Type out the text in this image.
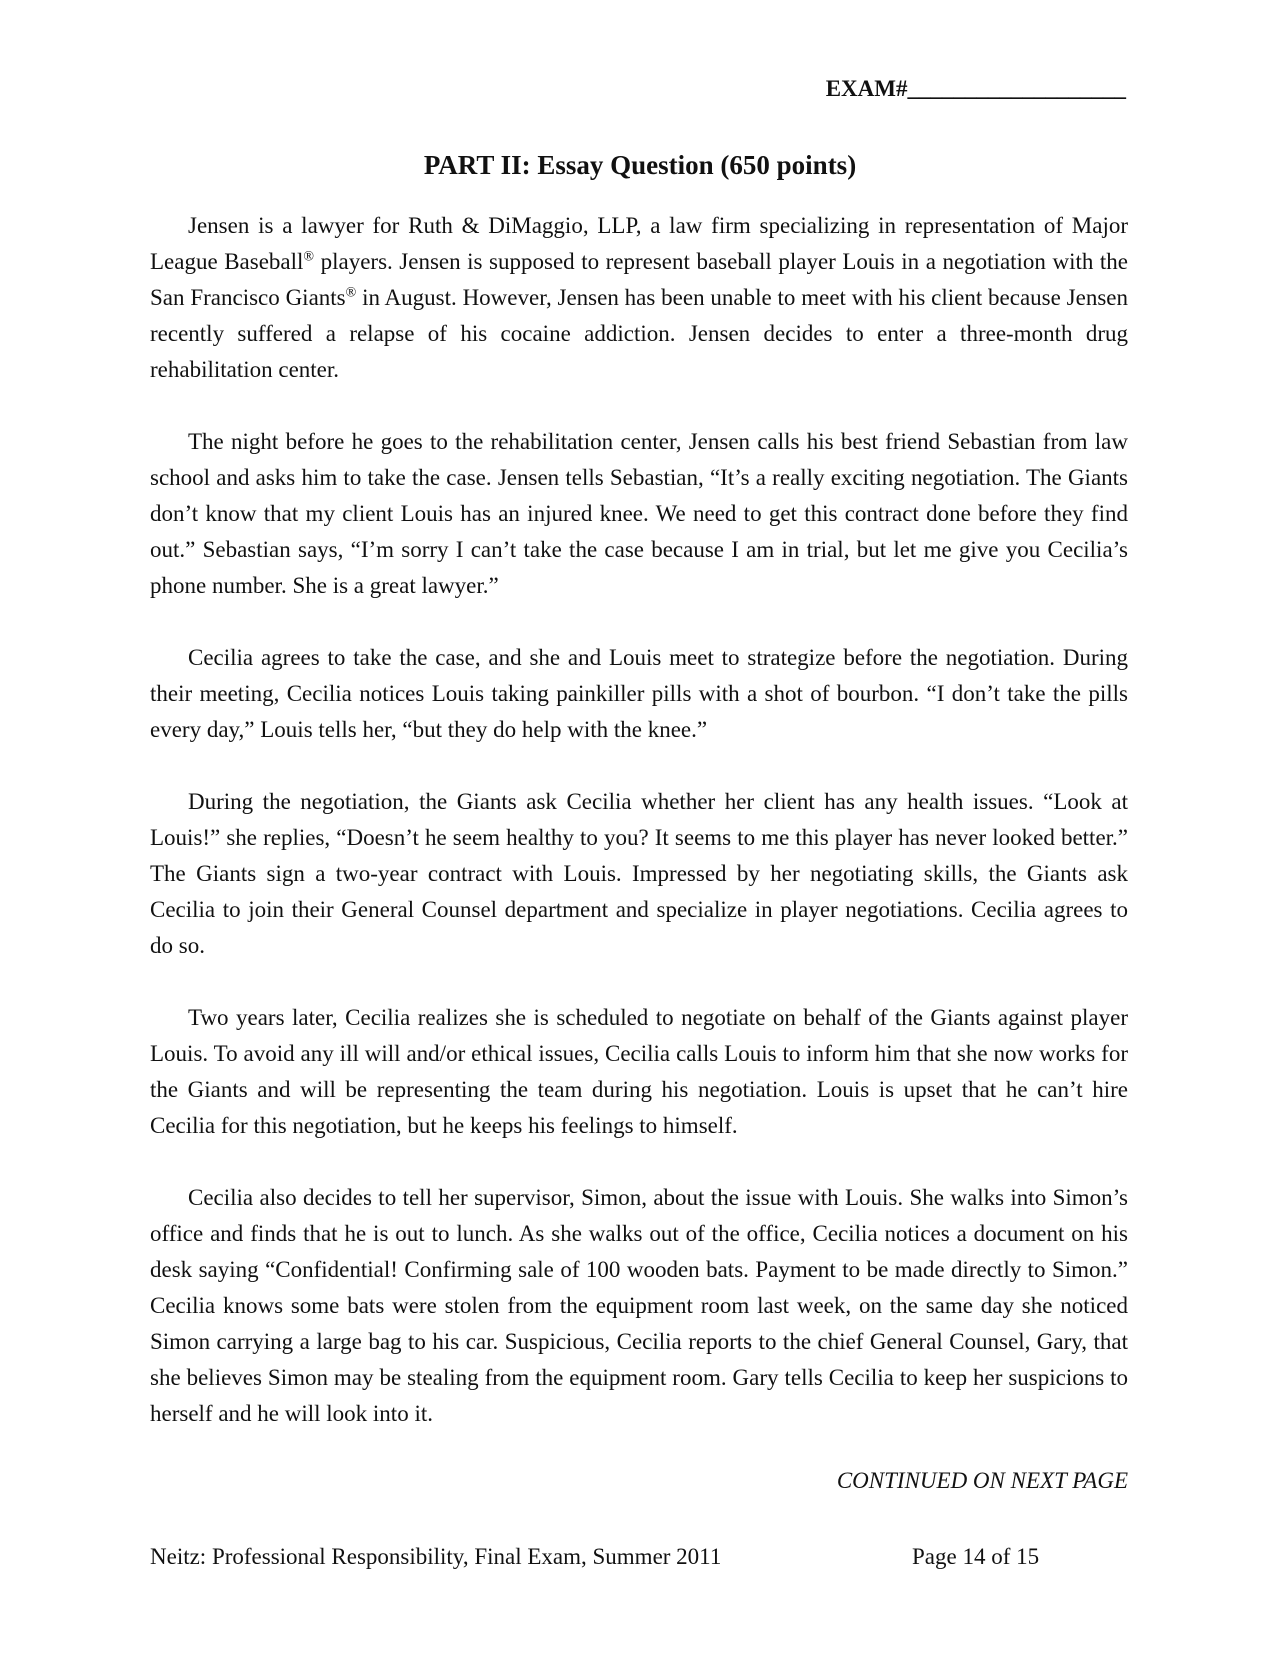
EXAM#___________________
PART II: Essay Question (650 points)

Jensen is a lawyer for Ruth & DiMaggio, LLP, a law firm specializing in representation of Major League Baseball® players. Jensen is supposed to represent baseball player Louis in a negotiation with the San Francisco Giants® in August. However, Jensen has been unable to meet with his client because Jensen recently suffered a relapse of his cocaine addiction. Jensen decides to enter a three-month drug rehabilitation center.

The night before he goes to the rehabilitation center, Jensen calls his best friend Sebastian from law school and asks him to take the case. Jensen tells Sebastian, “It’s a really exciting negotiation. The Giants don’t know that my client Louis has an injured knee. We need to get this contract done before they find out.” Sebastian says, “I’m sorry I can’t take the case because I am in trial, but let me give you Cecilia’s phone number. She is a great lawyer.”

Cecilia agrees to take the case, and she and Louis meet to strategize before the negotiation. During their meeting, Cecilia notices Louis taking painkiller pills with a shot of bourbon. “I don’t take the pills every day,” Louis tells her, “but they do help with the knee.”

During the negotiation, the Giants ask Cecilia whether her client has any health issues. “Look at Louis!” she replies, “Doesn’t he seem healthy to you? It seems to me this player has never looked better.” The Giants sign a two-year contract with Louis. Impressed by her negotiating skills, the Giants ask Cecilia to join their General Counsel department and specialize in player negotiations. Cecilia agrees to do so.

Two years later, Cecilia realizes she is scheduled to negotiate on behalf of the Giants against player Louis. To avoid any ill will and/or ethical issues, Cecilia calls Louis to inform him that she now works for the Giants and will be representing the team during his negotiation. Louis is upset that he can’t hire Cecilia for this negotiation, but he keeps his feelings to himself.

Cecilia also decides to tell her supervisor, Simon, about the issue with Louis. She walks into Simon’s office and finds that he is out to lunch. As she walks out of the office, Cecilia notices a document on his desk saying “Confidential! Confirming sale of 100 wooden bats. Payment to be made directly to Simon.” Cecilia knows some bats were stolen from the equipment room last week, on the same day she noticed Simon carrying a large bag to his car. Suspicious, Cecilia reports to the chief General Counsel, Gary, that she believes Simon may be stealing from the equipment room. Gary tells Cecilia to keep her suspicions to herself and he will look into it.

CONTINUED ON NEXT PAGE
Neitz: Professional Responsibility, Final Exam, Summer 2011	Page 14 of 15
